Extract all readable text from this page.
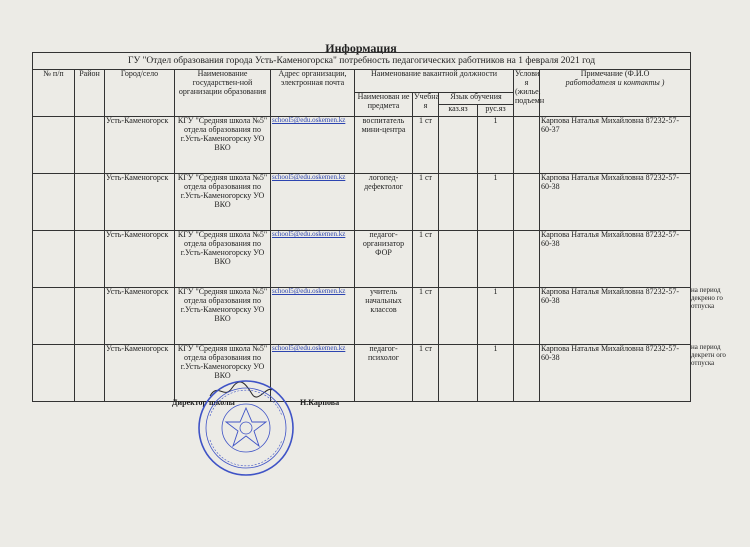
Информация
ГУ "Отдел образования города Усть-Каменогорска" потребность педагогических работников на 1 февраля 2021 год										
№ п/п	Район	Город/село	Наименование государствен-ной организации образования	Адрес организации, электронная почта	Наименование вакантной должности				Услови я (жилье, подъемн	Примечание (Ф.И.О
работодателя и контакты )
					Наименован ие предмета	Учебна я	Язык обучения			
							каз.яз	рус.яз		
		Усть-Каменогорск	КГУ "Средняя школа №5" отдела образования по г.Усть-Каменогорску УО ВКО	school5@edu.oskemen.kz	воспитатель мини-центра	1 ст		1		Карпова Наталья Михайловна 87232-57-60-37
		Усть-Каменогорск	КГУ "Средняя школа №5" отдела образования по г.Усть-Каменогорску УО ВКО	school5@edu.oskemen.kz	логопед-дефектолог	1 ст		1		Карпова Наталья Михайловна 87232-57-60-38
		Усть-Каменогорск	КГУ "Средняя школа №5" отдела образования по г.Усть-Каменогорску УО ВКО	school5@edu.oskemen.kz	педагог-организатор ФОР	1 ст				Карпова Наталья Михайловна 87232-57-60-38
		Усть-Каменогорск	КГУ "Средняя школа №5" отдела образования по г.Усть-Каменогорску УО ВКО	school5@edu.oskemen.kz	учитель начальных классов	1 ст		1		Карпова Наталья Михайловна 87232-57-60-38
		Усть-Каменогорск	КГУ "Средняя школа №5" отдела образования по г.Усть-Каменогорску УО ВКО	school5@edu.oskemen.kz	педагог-психолог	1 ст		1		Карпова Наталья Михайловна 87232-57-60-38
на период декрено го отпуска
на период декретн ого отпуска
Директор школы	Н.Карпова
